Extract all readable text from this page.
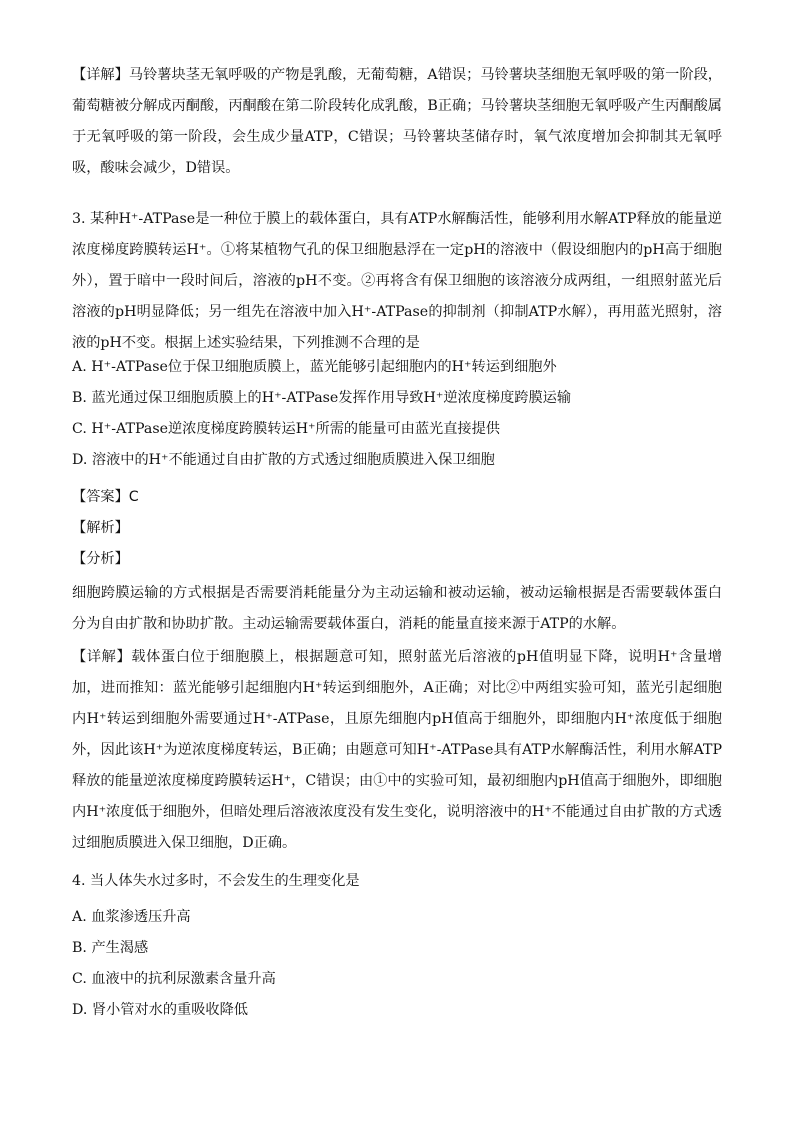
【详解】马铃薯块茎无氧呼吸的产物是乳酸，无葡萄糖，A错误；马铃薯块茎细胞无氧呼吸的第一阶段，葡萄糖被分解成丙酮酸，丙酮酸在第二阶段转化成乳酸，B正确；马铃薯块茎细胞无氧呼吸产生丙酮酸属于无氧呼吸的第一阶段，会生成少量ATP，C错误；马铃薯块茎储存时，氧气浓度增加会抑制其无氧呼吸，酸味会减少，D错误。

3. 某种H⁺-ATPase是一种位于膜上的载体蛋白，具有ATP水解酶活性，能够利用水解ATP释放的能量逆浓度梯度跨膜转运H⁺。①将某植物气孔的保卫细胞悬浮在一定pH的溶液中（假设细胞内的pH高于细胞外），置于暗中一段时间后，溶液的pH不变。②再将含有保卫细胞的该溶液分成两组，一组照射蓝光后溶液的pH明显降低；另一组先在溶液中加入H⁺-ATPase的抑制剂（抑制ATP水解），再用蓝光照射，溶液的pH不变。根据上述实验结果，下列推测不合理的是

A. H⁺-ATPase位于保卫细胞质膜上，蓝光能够引起细胞内的H⁺转运到细胞外

B. 蓝光通过保卫细胞质膜上的H⁺-ATPase发挥作用导致H⁺逆浓度梯度跨膜运输

C. H⁺-ATPase逆浓度梯度跨膜转运H⁺所需的能量可由蓝光直接提供

D. 溶液中的H⁺不能通过自由扩散的方式透过细胞质膜进入保卫细胞

【答案】C

【解析】

【分析】

细胞跨膜运输的方式根据是否需要消耗能量分为主动运输和被动运输，被动运输根据是否需要载体蛋白分为自由扩散和协助扩散。主动运输需要载体蛋白，消耗的能量直接来源于ATP的水解。

【详解】载体蛋白位于细胞膜上，根据题意可知，照射蓝光后溶液的pH值明显下降，说明H⁺含量增加，进而推知：蓝光能够引起细胞内H⁺转运到细胞外，A正确；对比②中两组实验可知，蓝光引起细胞内H⁺转运到细胞外需要通过H⁺-ATPase，且原先细胞内pH值高于细胞外，即细胞内H⁺浓度低于细胞外，因此该H⁺为逆浓度梯度转运，B正确；由题意可知H⁺-ATPase具有ATP水解酶活性，利用水解ATP释放的能量逆浓度梯度跨膜转运H⁺，C错误；由①中的实验可知，最初细胞内pH值高于细胞外，即细胞内H⁺浓度低于细胞外，但暗处理后溶液浓度没有发生变化，说明溶液中的H⁺不能通过自由扩散的方式透过细胞质膜进入保卫细胞，D正确。

4. 当人体失水过多时，不会发生的生理变化是

A. 血浆渗透压升高

B. 产生渴感

C. 血液中的抗利尿激素含量升高

D. 肾小管对水的重吸收降低
